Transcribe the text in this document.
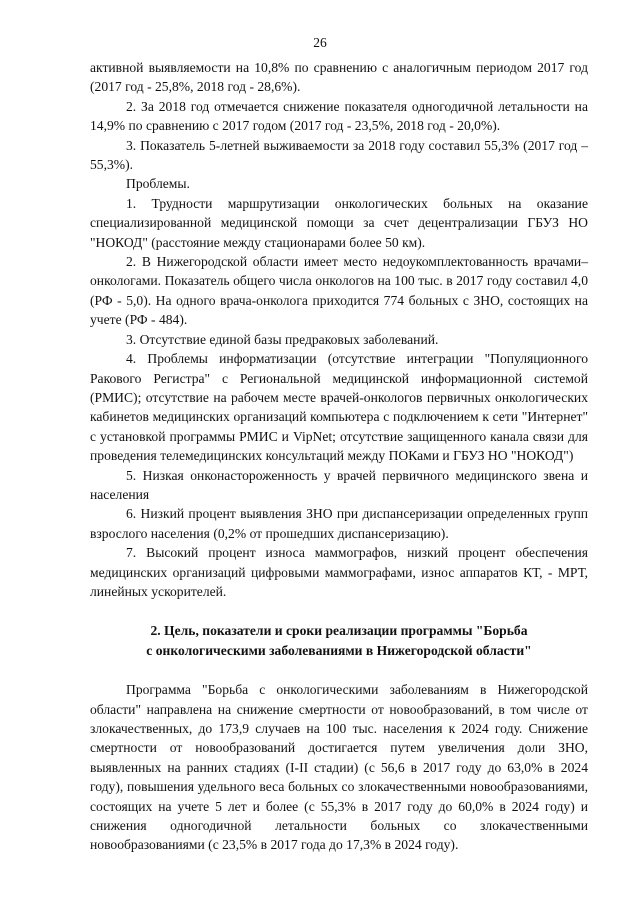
26

активной выявляемости на 10,8% по сравнению с аналогичным периодом 2017 год (2017 год - 25,8%, 2018 год - 28,6%).

2. За 2018 год отмечается снижение показателя одногодичной летальности на 14,9% по сравнению с 2017 годом (2017 год - 23,5%, 2018 год - 20,0%).

3. Показатель 5-летней выживаемости за 2018 году составил 55,3% (2017 год – 55,3%).

Проблемы.

1. Трудности маршрутизации онкологических больных на оказание специализированной медицинской помощи за счет децентрализации ГБУЗ НО "НОКОД" (расстояние между стационарами более 50 км).

2. В Нижегородской области имеет место недоукомплектованность врачами–онкологами. Показатель общего числа онкологов на 100 тыс. в 2017 году составил 4,0 (РФ - 5,0). На одного врача-онколога приходится 774 больных с ЗНО, состоящих на учете (РФ - 484).

3. Отсутствие единой базы предраковых заболеваний.

4. Проблемы информатизации (отсутствие интеграции "Популяционного Ракового Регистра" с Региональной медицинской информационной системой (РМИС); отсутствие на рабочем месте врачей-онкологов первичных онкологических кабинетов медицинских организаций компьютера с подключением к сети "Интернет" с установкой программы РМИС и VipNet; отсутствие защищенного канала связи для проведения телемедицинских консультаций между ПОКами и ГБУЗ НО "НОКОД")

5. Низкая онконастороженность у врачей первичного медицинского звена и населения

6. Низкий процент выявления ЗНО при диспансеризации определенных групп взрослого населения (0,2% от прошедших диспансеризацию).

7. Высокий процент износа маммографов, низкий процент обеспечения медицинских организаций цифровыми маммографами, износ аппаратов КТ, - МРТ, линейных ускорителей.

2. Цель, показатели и сроки реализации программы "Борьба
с онкологическими заболеваниями в Нижегородской области"

Программа "Борьба с онкологическими заболеваниям в Нижегородской области" направлена на снижение смертности от новообразований, в том числе от злокачественных, до 173,9 случаев на 100 тыс. населения к 2024 году. Снижение смертности от новообразований достигается путем увеличения доли ЗНО, выявленных на ранних стадиях (I-II стадии) (с 56,6 в 2017 году до 63,0% в 2024 году), повышения удельного веса больных со злокачественными новообразованиями, состоящих на учете 5 лет и более (с 55,3% в 2017 году до 60,0% в 2024 году) и снижения одногодичной летальности больных со злокачественными новообразованиями (с 23,5% в 2017 года до 17,3% в 2024 году).
